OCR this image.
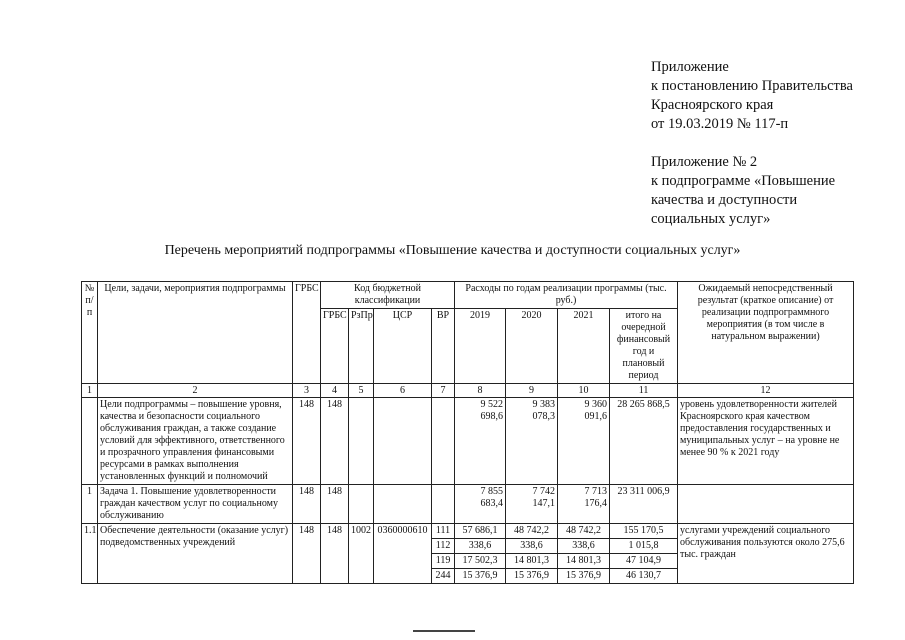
Приложение
к постановлению Правительства
Красноярского края
от 19.03.2019 № 117-п
Приложение № 2
к подпрограмме «Повышение
качества и доступности
социальных услуг»
Перечень мероприятий подпрограммы «Повышение качества и доступности социальных услуг»
№ п/п	Цели, задачи, мероприятия подпрограммы	ГРБС	Код бюджетной классификации				Расходы по годам реализации программы (тыс. руб.)				Ожидаемый непосредственный результат (краткое описание) от реализации подпрограммного мероприятия (в том числе в натуральном выражении)
			ГРБС	РзПр	ЦСР	ВР	2019	2020	2021	итого на очередной финансовый год и плановый период	
1	2	3	4	5	6	7	8	9	10	11	12
	Цели подпрограммы – повышение уровня, качества и безопасности социального обслуживания граждан, а также создание условий для эффективного, ответственного и прозрачного управления финансовыми ресурсами в рамках выполнения установленных функций и полномочий	148	148				9 522 698,6	9 383 078,3	9 360 091,6	28 265 868,5	уровень удовлетворенности жителей Красноярского края качеством предоставления государственных и муниципальных услуг – на уровне не менее 90 % к 2021 году
1	Задача 1. Повышение удовлетворенности граждан качеством услуг по социальному обслуживанию	148	148				7 855 683,4	7 742 147,1	7 713 176,4	23 311 006,9	
1.1	Обеспечение деятельности (оказание услуг) подведомственных учреждений	148	148	1002	0360000610	111	57 686,1	48 742,2	48 742,2	155 170,5	услугами учреждений социального обслуживания пользуются около 275,6 тыс. граждан
						112	338,6	338,6	338,6	1 015,8	
						119	17 502,3	14 801,3	14 801,3	47 104,9	
						244	15 376,9	15 376,9	15 376,9	46 130,7	
